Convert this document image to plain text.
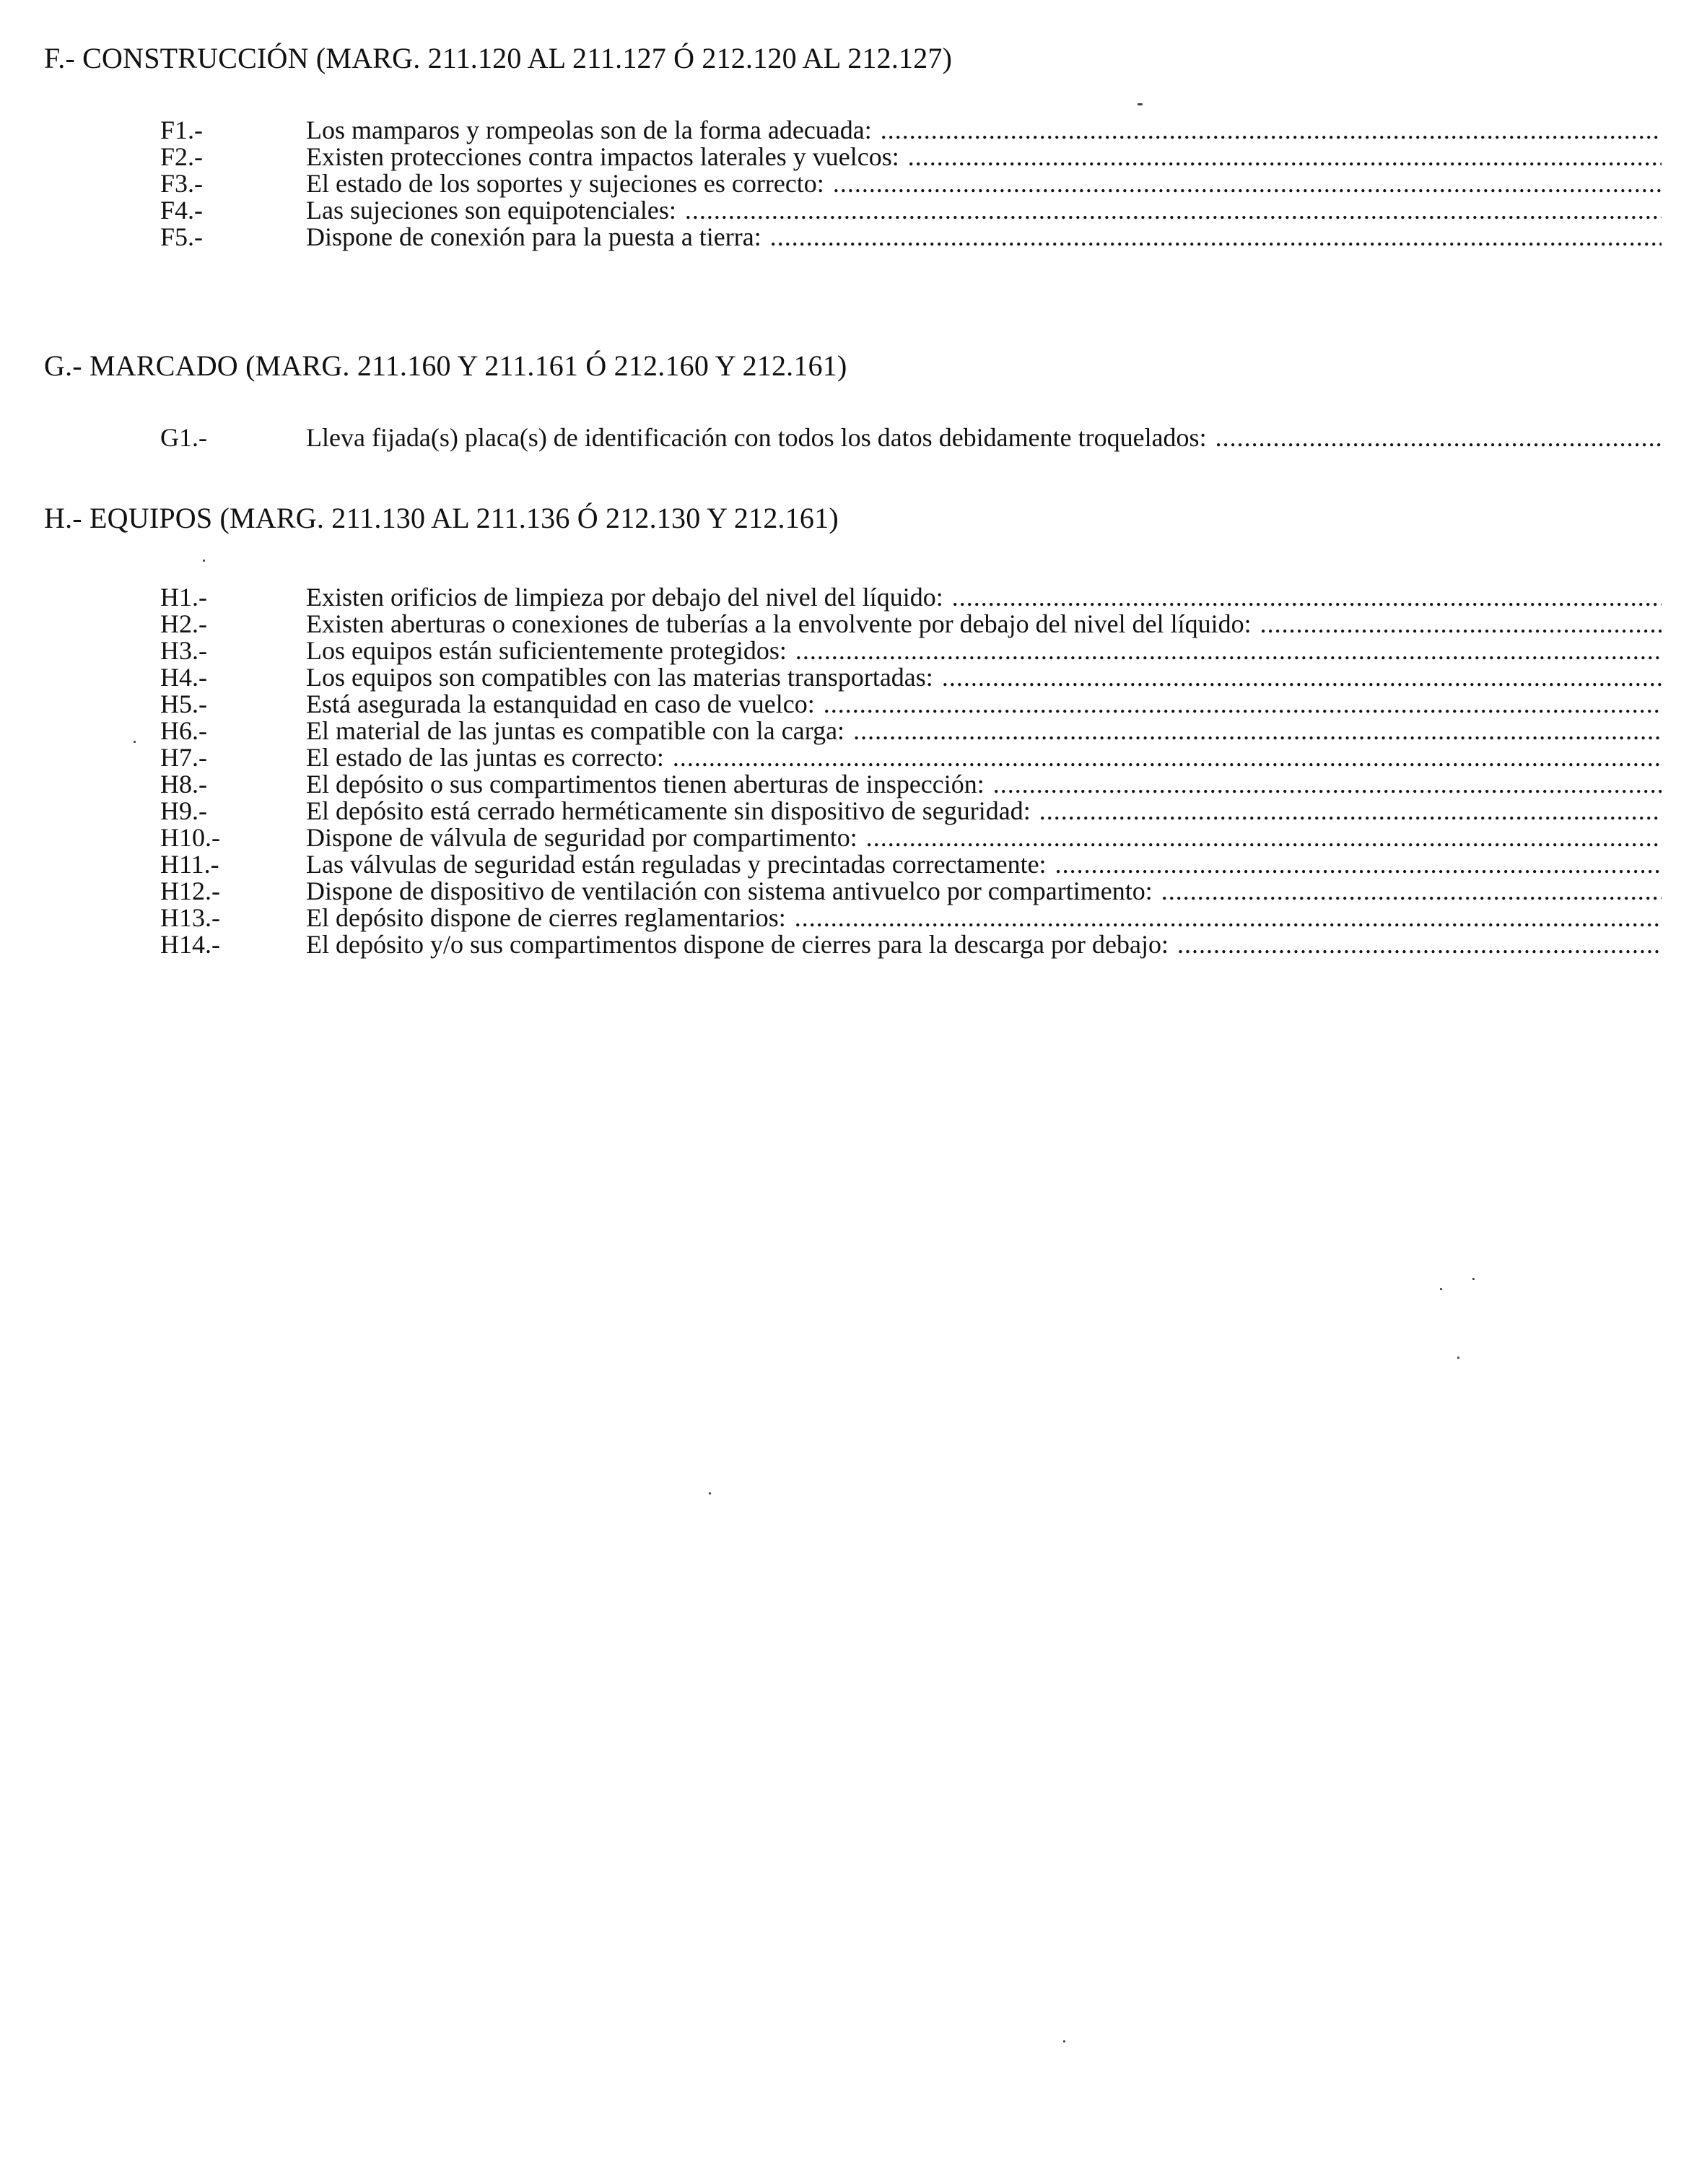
F.- CONSTRUCCIÓN (MARG. 211.120 AL 211.127 Ó 212.120 AL 212.127)
F1.-	Los mamparos y rompeolas son de la forma adecuada:
.....
F2.-	Existen protecciones contra impactos laterales y vuelcos:
.....
F3.-	El estado de los soportes y sujeciones es correcto:
.....
F4.-	Las sujeciones son equipotenciales:
.....
F5.-	Dispone de conexión para la puesta a tierra:
.....
G.- MARCADO (MARG. 211.160 Y 211.161 Ó 212.160 Y 212.161)
G1.-	Lleva fijada(s) placa(s) de identificación con todos los datos debidamente troquelados:
.....
H.- EQUIPOS (MARG. 211.130 AL 211.136 Ó 212.130 Y 212.161)
H1.-	Existen orificios de limpieza por debajo del nivel del líquido:
.....
H2.-	Existen aberturas o conexiones de tuberías a la envolvente por debajo del nivel del líquido:
.....
H3.-	Los equipos están suficientemente protegidos:
.....
H4.-	Los equipos son compatibles con las materias transportadas:
.....
H5.-	Está asegurada la estanquidad en caso de vuelco:
.....
H6.-	El material de las juntas es compatible con la carga:
.....
H7.-	El estado de las juntas es correcto:
.....
H8.-	El depósito o sus compartimentos tienen aberturas de inspección:
.....
H9.-	El depósito está cerrado herméticamente sin dispositivo de seguridad:
.....
H10.-	Dispone de válvula de seguridad por compartimento:
.....
H11.-	Las válvulas de seguridad están reguladas y precintadas correctamente:
.....
H12.-	Dispone de dispositivo de ventilación con sistema antivuelco por compartimento:
.....
H13.-	El depósito dispone de cierres reglamentarios:
.....
H14.-	El depósito y/o sus compartimentos dispone de cierres para la descarga por debajo:
.....
